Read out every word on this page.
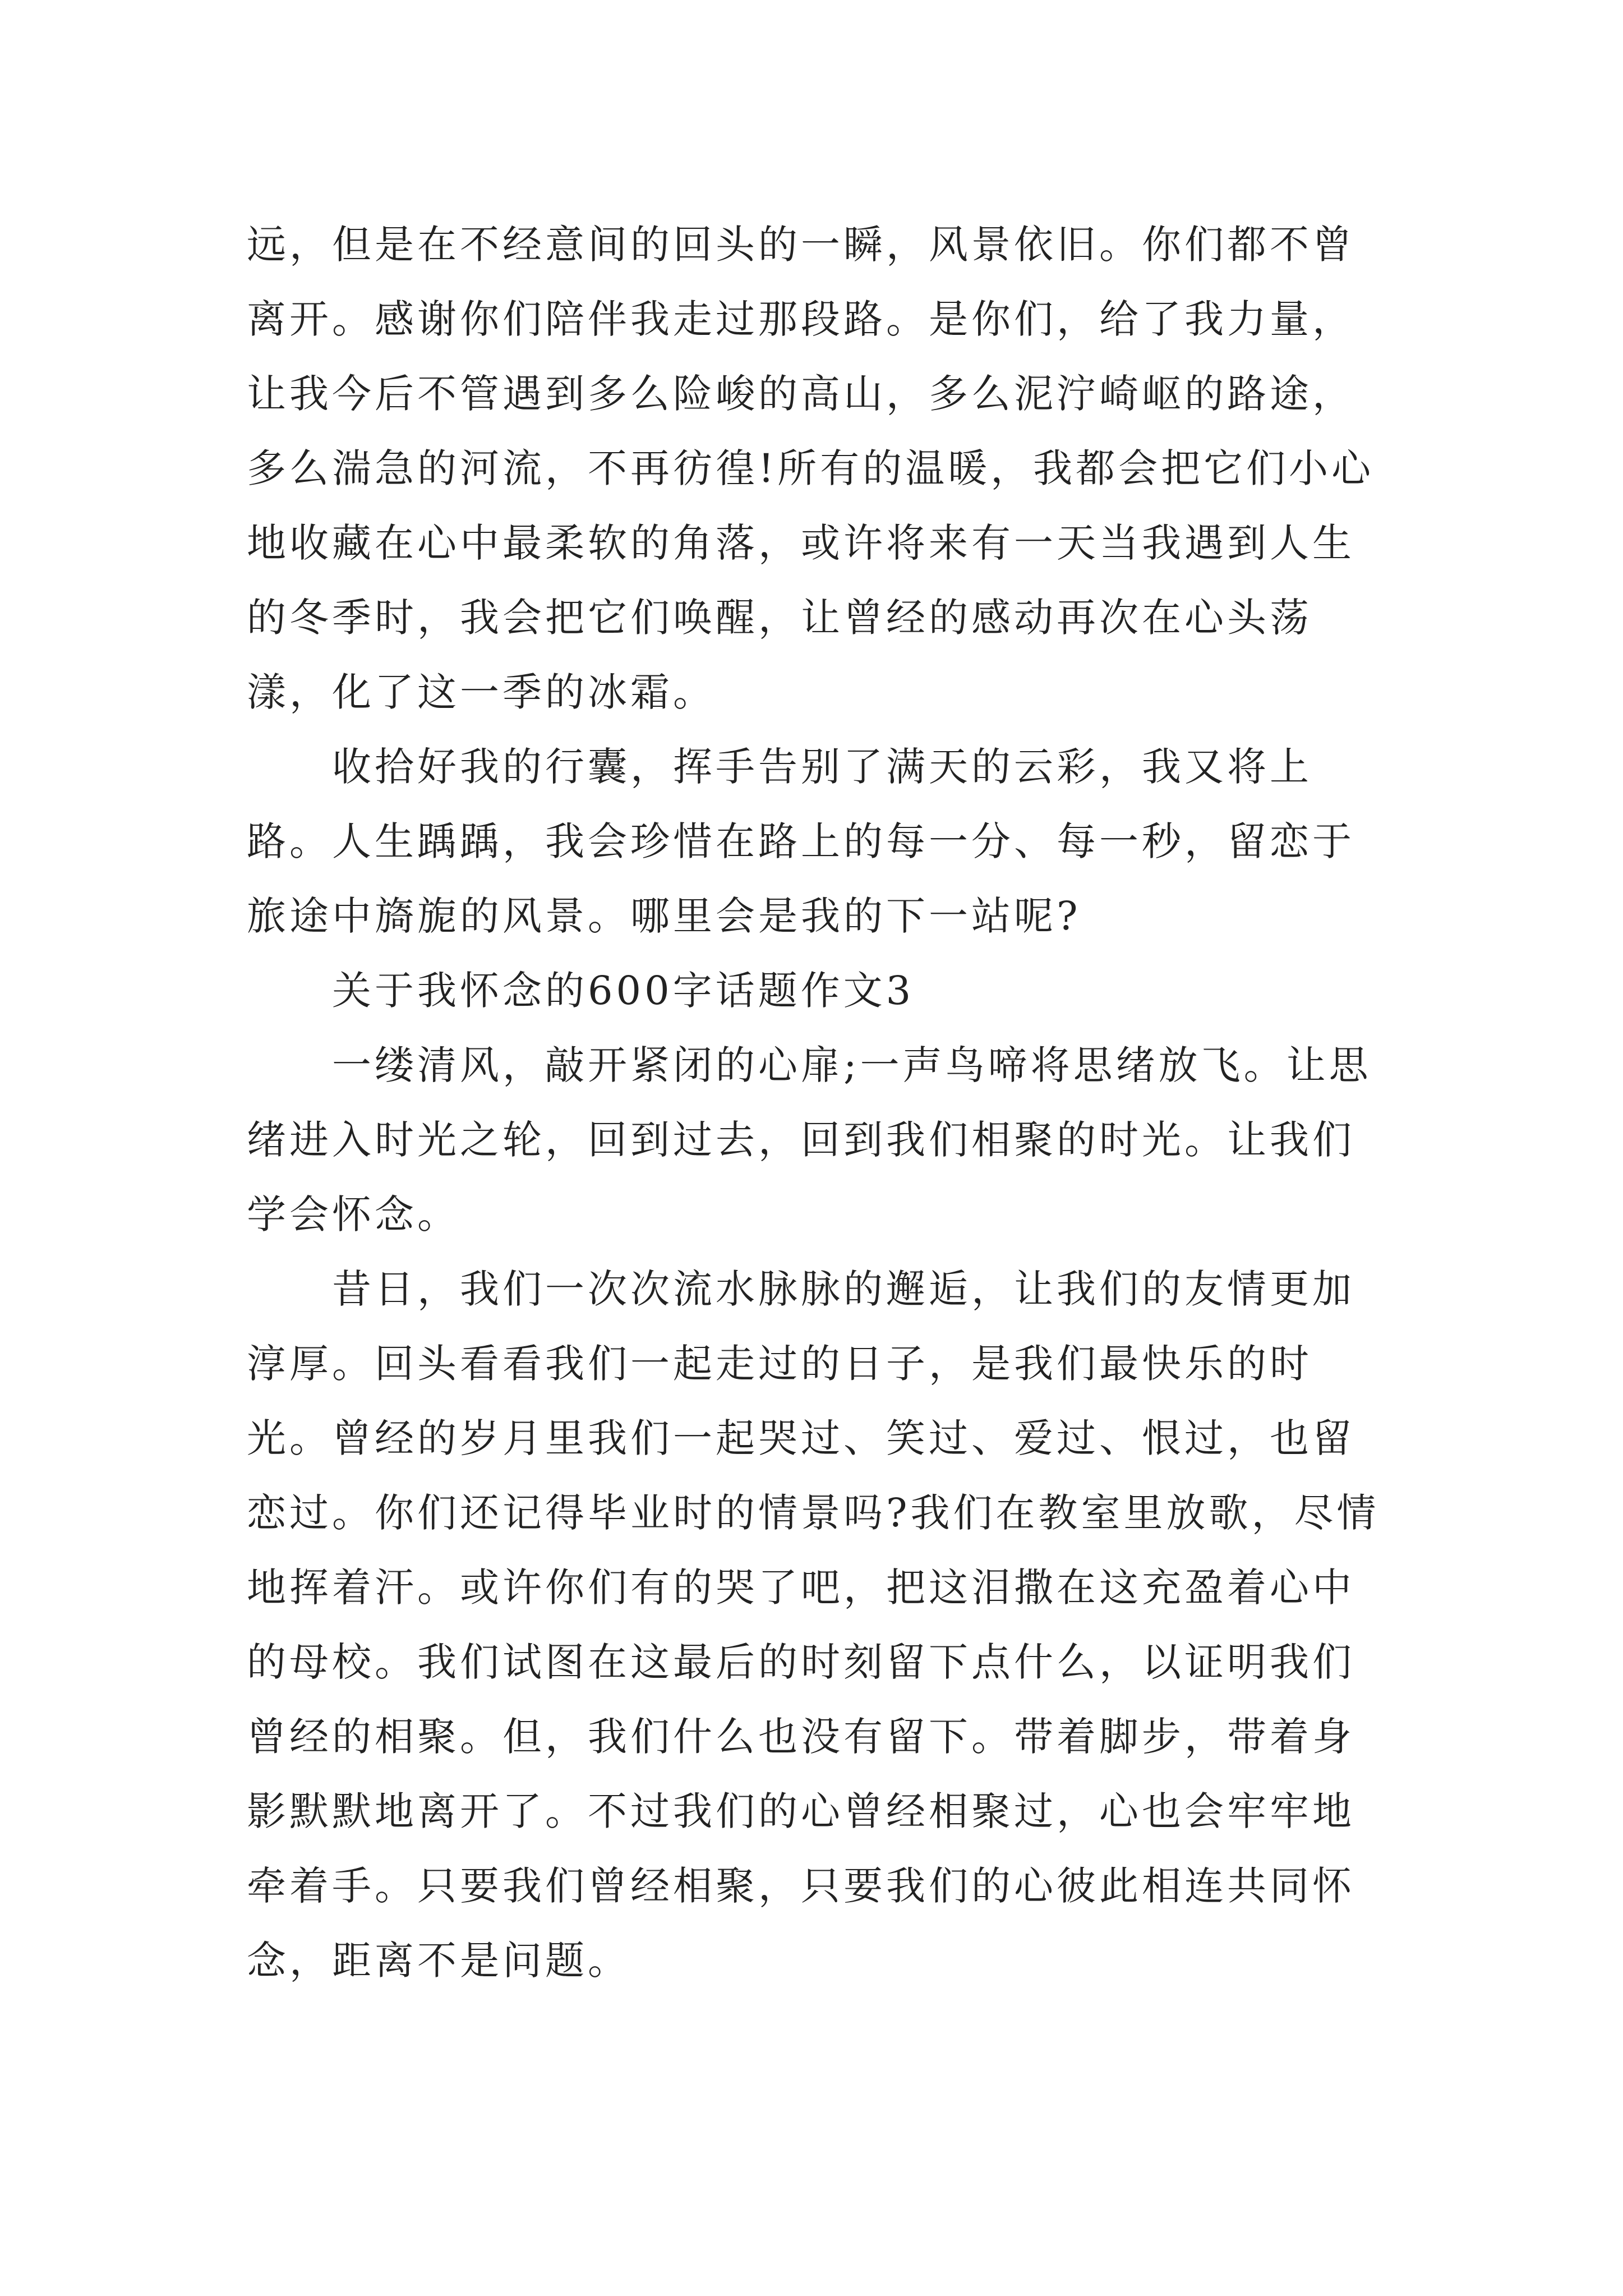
远，但是在不经意间的回头的一瞬，风景依旧。你们都不曾离开。感谢你们陪伴我走过那段路。是你们，给了我力量，让我今后不管遇到多么险峻的高山，多么泥泞崎岖的路途，多么湍急的河流，不再彷徨!所有的温暖，我都会把它们小心地收藏在心中最柔软的角落，或许将来有一天当我遇到人生的冬季时，我会把它们唤醒，让曾经的感动再次在心头荡漾，化了这一季的冰霜。

收拾好我的行囊，挥手告别了满天的云彩，我又将上路。人生踽踽，我会珍惜在路上的每一分、每一秒，留恋于旅途中旖旎的风景。哪里会是我的下一站呢?

关于我怀念的600字话题作文3

一缕清风，敲开紧闭的心扉;一声鸟啼将思绪放飞。让思绪进入时光之轮，回到过去，回到我们相聚的时光。让我们学会怀念。

昔日，我们一次次流水脉脉的邂逅，让我们的友情更加淳厚。回头看看我们一起走过的日子，是我们最快乐的时光。曾经的岁月里我们一起哭过、笑过、爱过、恨过，也留恋过。你们还记得毕业时的情景吗?我们在教室里放歌，尽情地挥着汗。或许你们有的哭了吧，把这泪撒在这充盈着心中的母校。我们试图在这最后的时刻留下点什么，以证明我们曾经的相聚。但，我们什么也没有留下。带着脚步，带着身影默默地离开了。不过我们的心曾经相聚过，心也会牢牢地牵着手。只要我们曾经相聚，只要我们的心彼此相连共同怀念，距离不是问题。
